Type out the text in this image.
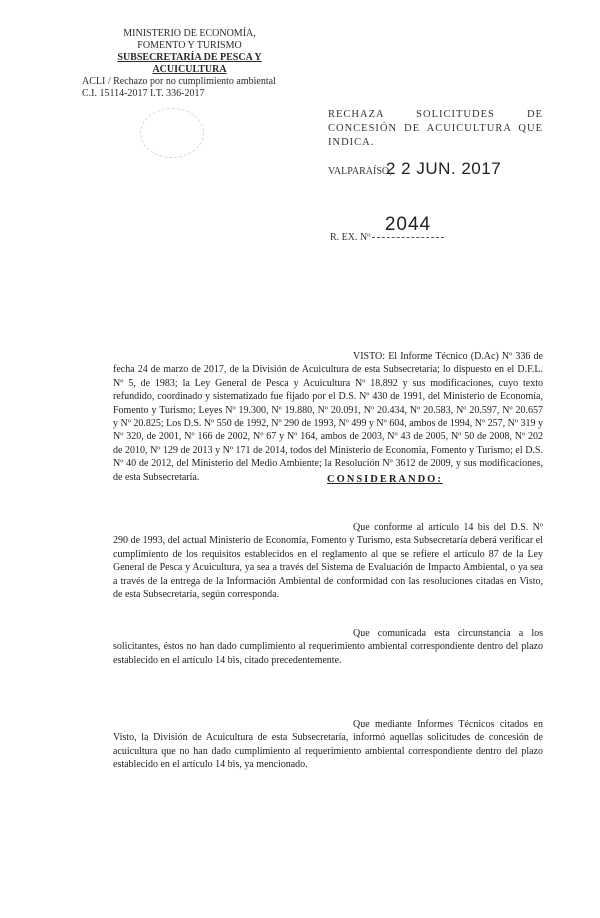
MINISTERIO DE ECONOMÍA,
FOMENTO Y TURISMO
SUBSECRETARÍA DE PESCA Y ACUICULTURA
ACLI / Rechazo por no cumplimiento ambiental
C.I. 15114-2017 I.T. 336-2017
RECHAZA SOLICITUDES DE CONCESIÓN DE ACUICULTURA QUE INDICA.
VALPARAÍSO,
2 2 JUN. 2017
R. EX. Nº
2044
VISTO: El Informe Técnico (D.Ac) Nº 336 de fecha 24 de marzo de 2017, de la División de Acuicultura de esta Subsecretaría; lo dispuesto en el D.F.L. Nº 5, de 1983; la Ley General de Pesca y Acuicultura Nº 18.892 y sus modificaciones, cuyo texto refundido, coordinado y sistematizado fue fijado por el D.S. Nº 430 de 1991, del Ministerio de Economía, Fomento y Turismo; Leyes Nº 19.300, Nº 19.880, Nº 20.091, Nº 20.434, Nº 20.583, Nº 20.597, Nº 20.657 y Nº 20.825; Los D.S. Nº 550 de 1992, Nº 290 de 1993, Nº 499 y Nº 604, ambos de 1994, Nº 257, Nº 319 y Nº 320, de 2001, Nº 166 de 2002, Nº 67 y Nº 164, ambos de 2003, Nº 43 de 2005, Nº 50 de 2008, Nº 202 de 2010, Nº 129 de 2013 y Nº 171 de 2014, todos del Ministerio de Economía, Fomento y Turismo; el D.S. Nº 40 de 2012, del Ministerio del Medio Ambiente; la Resolución Nº 3612 de 2009, y sus modificaciones, de esta Subsecretaría.	CONSIDERANDO:
Que conforme al artículo 14 bis del D.S. Nº 290 de 1993, del actual Ministerio de Economía, Fomento y Turismo, esta Subsecretaría deberá verificar el cumplimiento de los requisitos establecidos en el reglamento al que se refiere el artículo 87 de la Ley General de Pesca y Acuicultura, ya sea a través del Sistema de Evaluación de Impacto Ambiental, o ya sea a través de la entrega de la Información Ambiental de conformidad con las resoluciones citadas en Visto, de esta Subsecretaría, según corresponda.
Que comunicada esta circunstancia a los solicitantes, éstos no han dado cumplimiento al requerimiento ambiental correspondiente dentro del plazo establecido en el artículo 14 bis, citado precedentemente.
Que mediante Informes Técnicos citados en Visto, la División de Acuicultura de esta Subsecretaría, informó aquellas solicitudes de concesión de acuicultura que no han dado cumplimiento al requerimiento ambiental correspondiente dentro del plazo establecido en el artículo 14 bis, ya mencionado.
